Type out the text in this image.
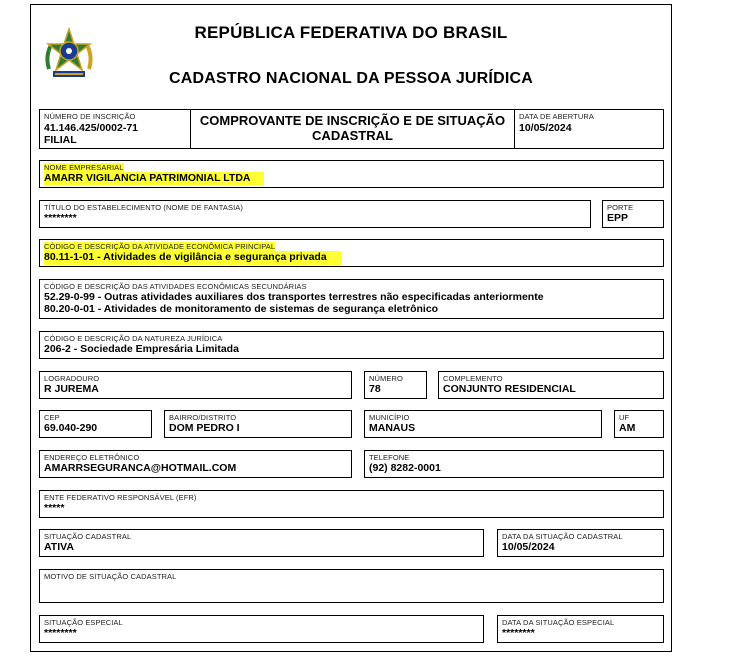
REPÚBLICA FEDERATIVA DO BRASIL
CADASTRO NACIONAL DA PESSOA JURÍDICA
NÚMERO DE INSCRIÇÃO
41.146.425/0002-71
FILIAL
COMPROVANTE DE INSCRIÇÃO E DE SITUAÇÃO
CADASTRAL
DATA DE ABERTURA
10/05/2024
NOME EMPRESARIAL
AMARR VIGILANCIA PATRIMONIAL LTDA
TÍTULO DO ESTABELECIMENTO (NOME DE FANTASIA)
********
PORTE
EPP
CÓDIGO E DESCRIÇÃO DA ATIVIDADE ECONÔMICA PRINCIPAL
80.11-1-01 - Atividades de vigilância e segurança privada
CÓDIGO E DESCRIÇÃO DAS ATIVIDADES ECONÔMICAS SECUNDÁRIAS
52.29-0-99 - Outras atividades auxiliares dos transportes terrestres não especificadas anteriormente
80.20-0-01 - Atividades de monitoramento de sistemas de segurança eletrônico
CÓDIGO E DESCRIÇÃO DA NATUREZA JURÍDICA
206-2 - Sociedade Empresária Limitada
LOGRADOURO
R JUREMA
NÚMERO
78
COMPLEMENTO
CONJUNTO RESIDENCIAL
CEP
69.040-290
BAIRRO/DISTRITO
DOM PEDRO I
MUNICÍPIO
MANAUS
UF
AM
ENDEREÇO ELETRÔNICO
AMARRSEGURANCA@HOTMAIL.COM
TELEFONE
(92) 8282-0001
ENTE FEDERATIVO RESPONSÁVEL (EFR)
*****
SITUAÇÃO CADASTRAL
ATIVA
DATA DA SITUAÇÃO CADASTRAL
10/05/2024
MOTIVO DE SITUAÇÃO CADASTRAL
SITUAÇÃO ESPECIAL
********
DATA DA SITUAÇÃO ESPECIAL
********
